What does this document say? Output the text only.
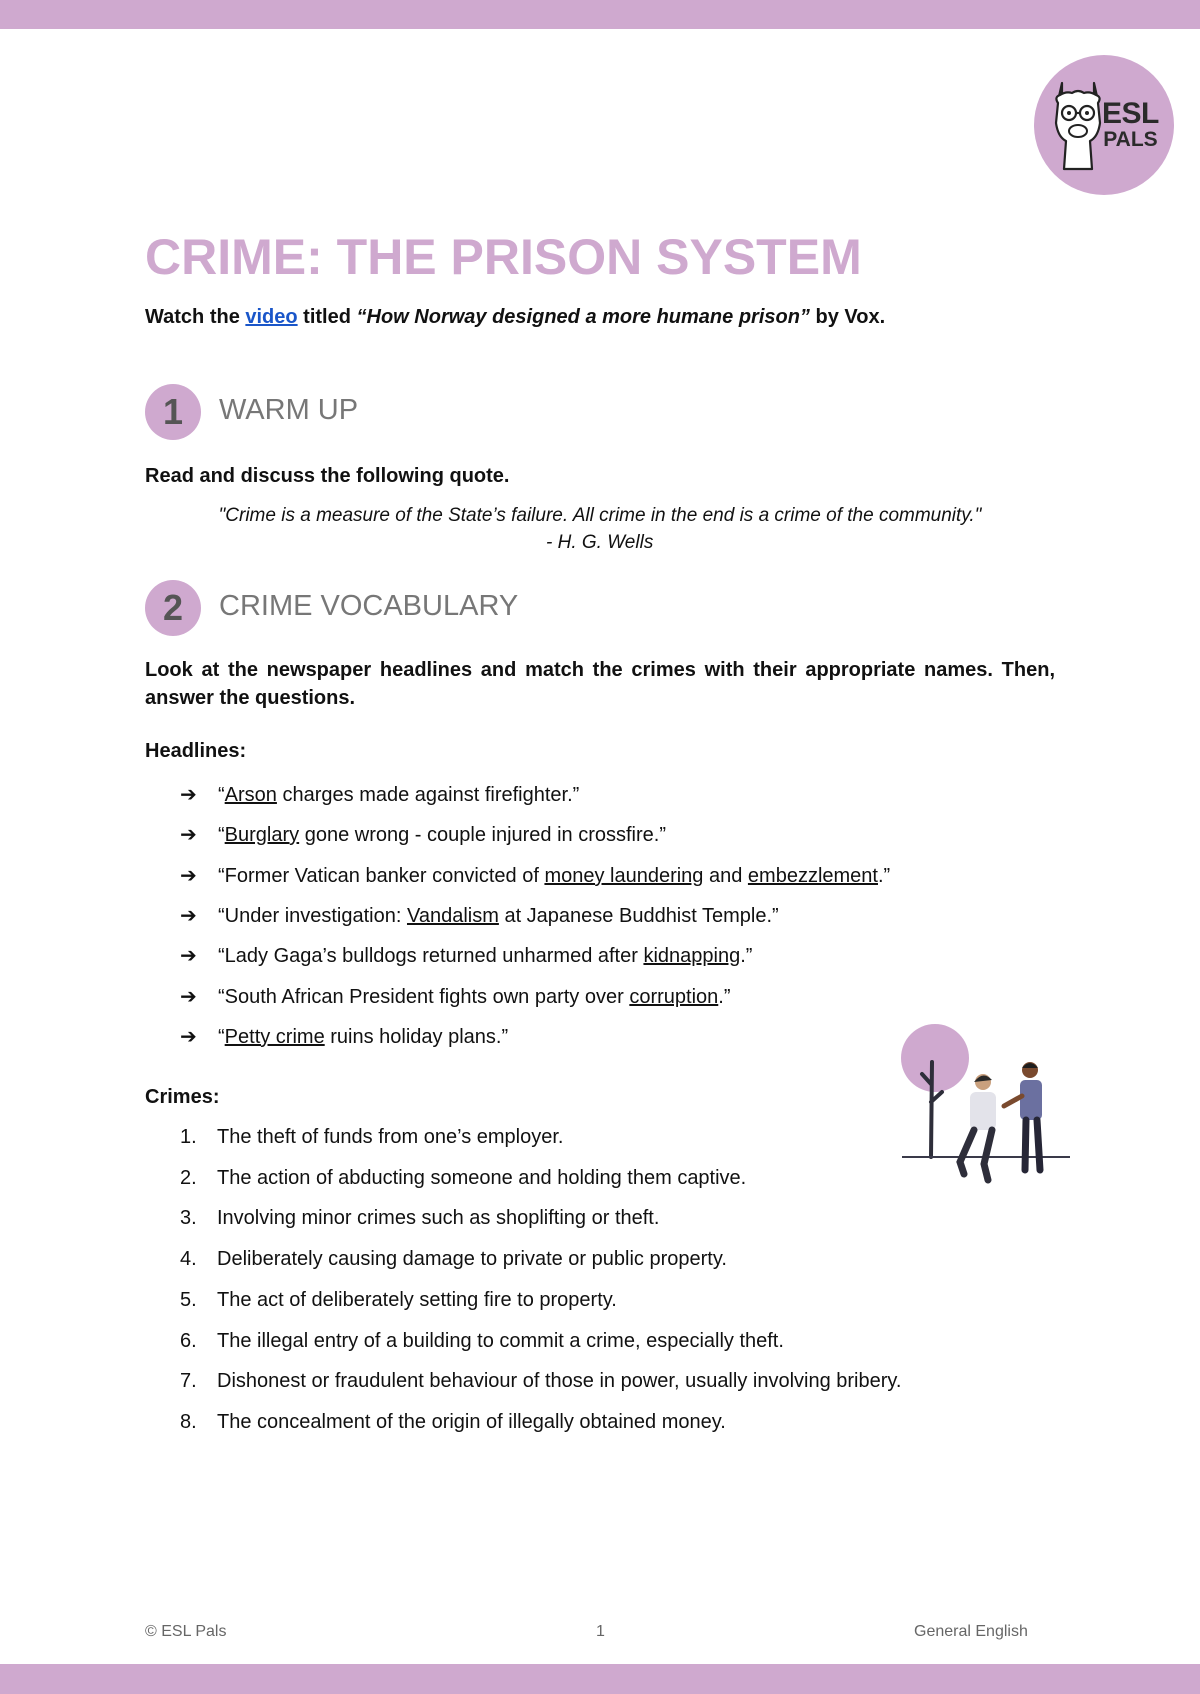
ESL
PALS
CRIME: THE PRISON SYSTEM
Watch the video titled “How Norway designed a more humane prison” by Vox.
1	WARM UP
Read and discuss the following quote.
"Crime is a measure of the State’s failure. All crime in the end is a crime of the community."
- H. G. Wells
2	CRIME VOCABULARY
Look at the newspaper headlines and match the crimes with their appropriate names. Then, answer the questions.
Headlines:
➔ “Arson charges made against firefighter.”
➔ “Burglary gone wrong - couple injured in crossfire.”
➔ “Former Vatican banker convicted of money laundering and embezzlement.”
➔ “Under investigation: Vandalism at Japanese Buddhist Temple.”
➔ “Lady Gaga’s bulldogs returned unharmed after kidnapping.”
➔ “South African President fights own party over corruption.”
➔ “Petty crime ruins holiday plans.”
Crimes:
1. The theft of funds from one’s employer.
2. The action of abducting someone and holding them captive.
3. Involving minor crimes such as shoplifting or theft.
4. Deliberately causing damage to private or public property.
5. The act of deliberately setting fire to property.
6. The illegal entry of a building to commit a crime, especially theft.
7. Dishonest or fraudulent behaviour of those in power, usually involving bribery.
8. The concealment of the origin of illegally obtained money.
© ESL Pals	1	General English
